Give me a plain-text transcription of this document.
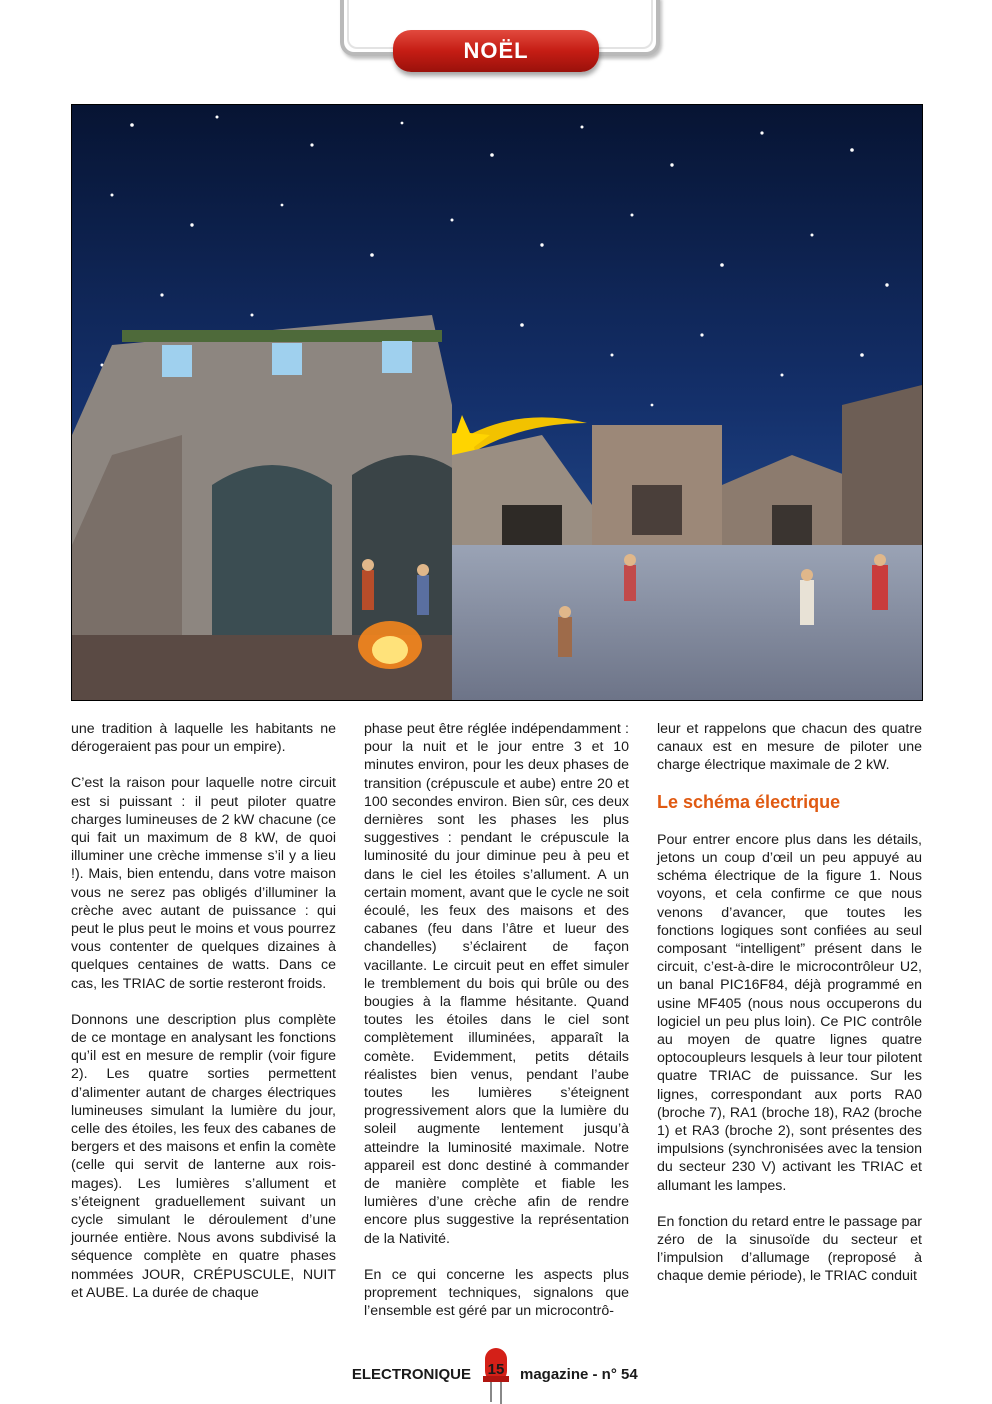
NOËL

une tradition à laquelle les habitants ne dérogeraient pas pour un empire).

C’est la raison pour laquelle notre circuit est si puissant : il peut piloter quatre charges lumineuses de 2 kW chacune (ce qui fait un maximum de 8 kW, de quoi illuminer une crèche immense s’il y a lieu !). Mais, bien entendu, dans votre maison vous ne serez pas obligés d’illuminer la crèche avec autant de puissance : qui peut le plus peut le moins et vous pourrez vous contenter de quelques dizaines à quelques centaines de watts. Dans ce cas, les TRIAC de sortie resteront froids.

Donnons une description plus complète de ce montage en analysant les fonctions qu’il est en mesure de remplir (voir figure 2). Les quatre sorties permettent d’alimenter autant de charges électriques lumineuses simulant la lumière du jour, celle des étoiles, les feux des cabanes de bergers et des maisons et enfin la comète (celle qui servit de lanterne aux rois-mages). Les lumières s’allument et s’éteignent graduellement suivant un cycle simulant le déroulement d’une journée entière. Nous avons subdivisé la séquence complète en quatre phases nommées JOUR, CRÉPUSCULE, NUIT et AUBE. La durée de chaque

phase peut être réglée indépendamment : pour la nuit et le jour entre 3 et 10 minutes environ, pour les deux phases de transition (crépuscule et aube) entre 20 et 100 secondes environ. Bien sûr, ces deux dernières sont les phases les plus suggestives : pendant le crépuscule la luminosité du jour diminue peu à peu et dans le ciel les étoiles s’allument. A un certain moment, avant que le cycle ne soit écoulé, les feux des maisons et des cabanes (feu dans l’âtre et lueur des chandelles) s’éclairent de façon vacillante. Le circuit peut en effet simuler le tremblement du bois qui brûle ou des bougies à la flamme hésitante. Quand toutes les étoiles dans le ciel sont complètement illuminées, apparaît la comète. Evidemment, petits détails réalistes bien venus, pendant l’aube toutes les lumières s’éteignent progressivement alors que la lumière du soleil augmente lentement jusqu’à atteindre la luminosité maximale. Notre appareil est donc destiné à commander de manière complète et fiable les lumières d’une crèche afin de rendre encore plus suggestive la représentation de la Nativité.

En ce qui concerne les aspects plus proprement techniques, signalons que l’ensemble est géré par un microcontrô-

leur et rappelons que chacun des quatre canaux est en mesure de piloter une charge électrique maximale de 2 kW.

Le schéma électrique

Pour entrer encore plus dans les détails, jetons un coup d’œil un peu appuyé au schéma électrique de la figure 1. Nous voyons, et cela confirme ce que nous venons d’avancer, que toutes les fonctions logiques sont confiées au seul composant “intelligent” présent dans le circuit, c’est-à-dire le microcontrôleur U2, un banal PIC16F84, déjà programmé en usine MF405 (nous nous occuperons du logiciel un peu plus loin). Ce PIC contrôle au moyen de quatre lignes quatre optocoupleurs lesquels à leur tour pilotent quatre TRIAC de puissance. Sur les lignes, correspondant aux ports RA0 (broche 7), RA1 (broche 18), RA2 (broche 1) et RA3 (broche 2), sont présentes des impulsions (synchronisées avec la tension du secteur 230 V) activant les TRIAC et allumant les lampes.

En fonction du retard entre le passage par zéro de la sinusoïde du secteur et l’impulsion d’allumage (reproposé à chaque demie période), le TRIAC conduit

ELECTRONIQUE 15 magazine - n° 54
